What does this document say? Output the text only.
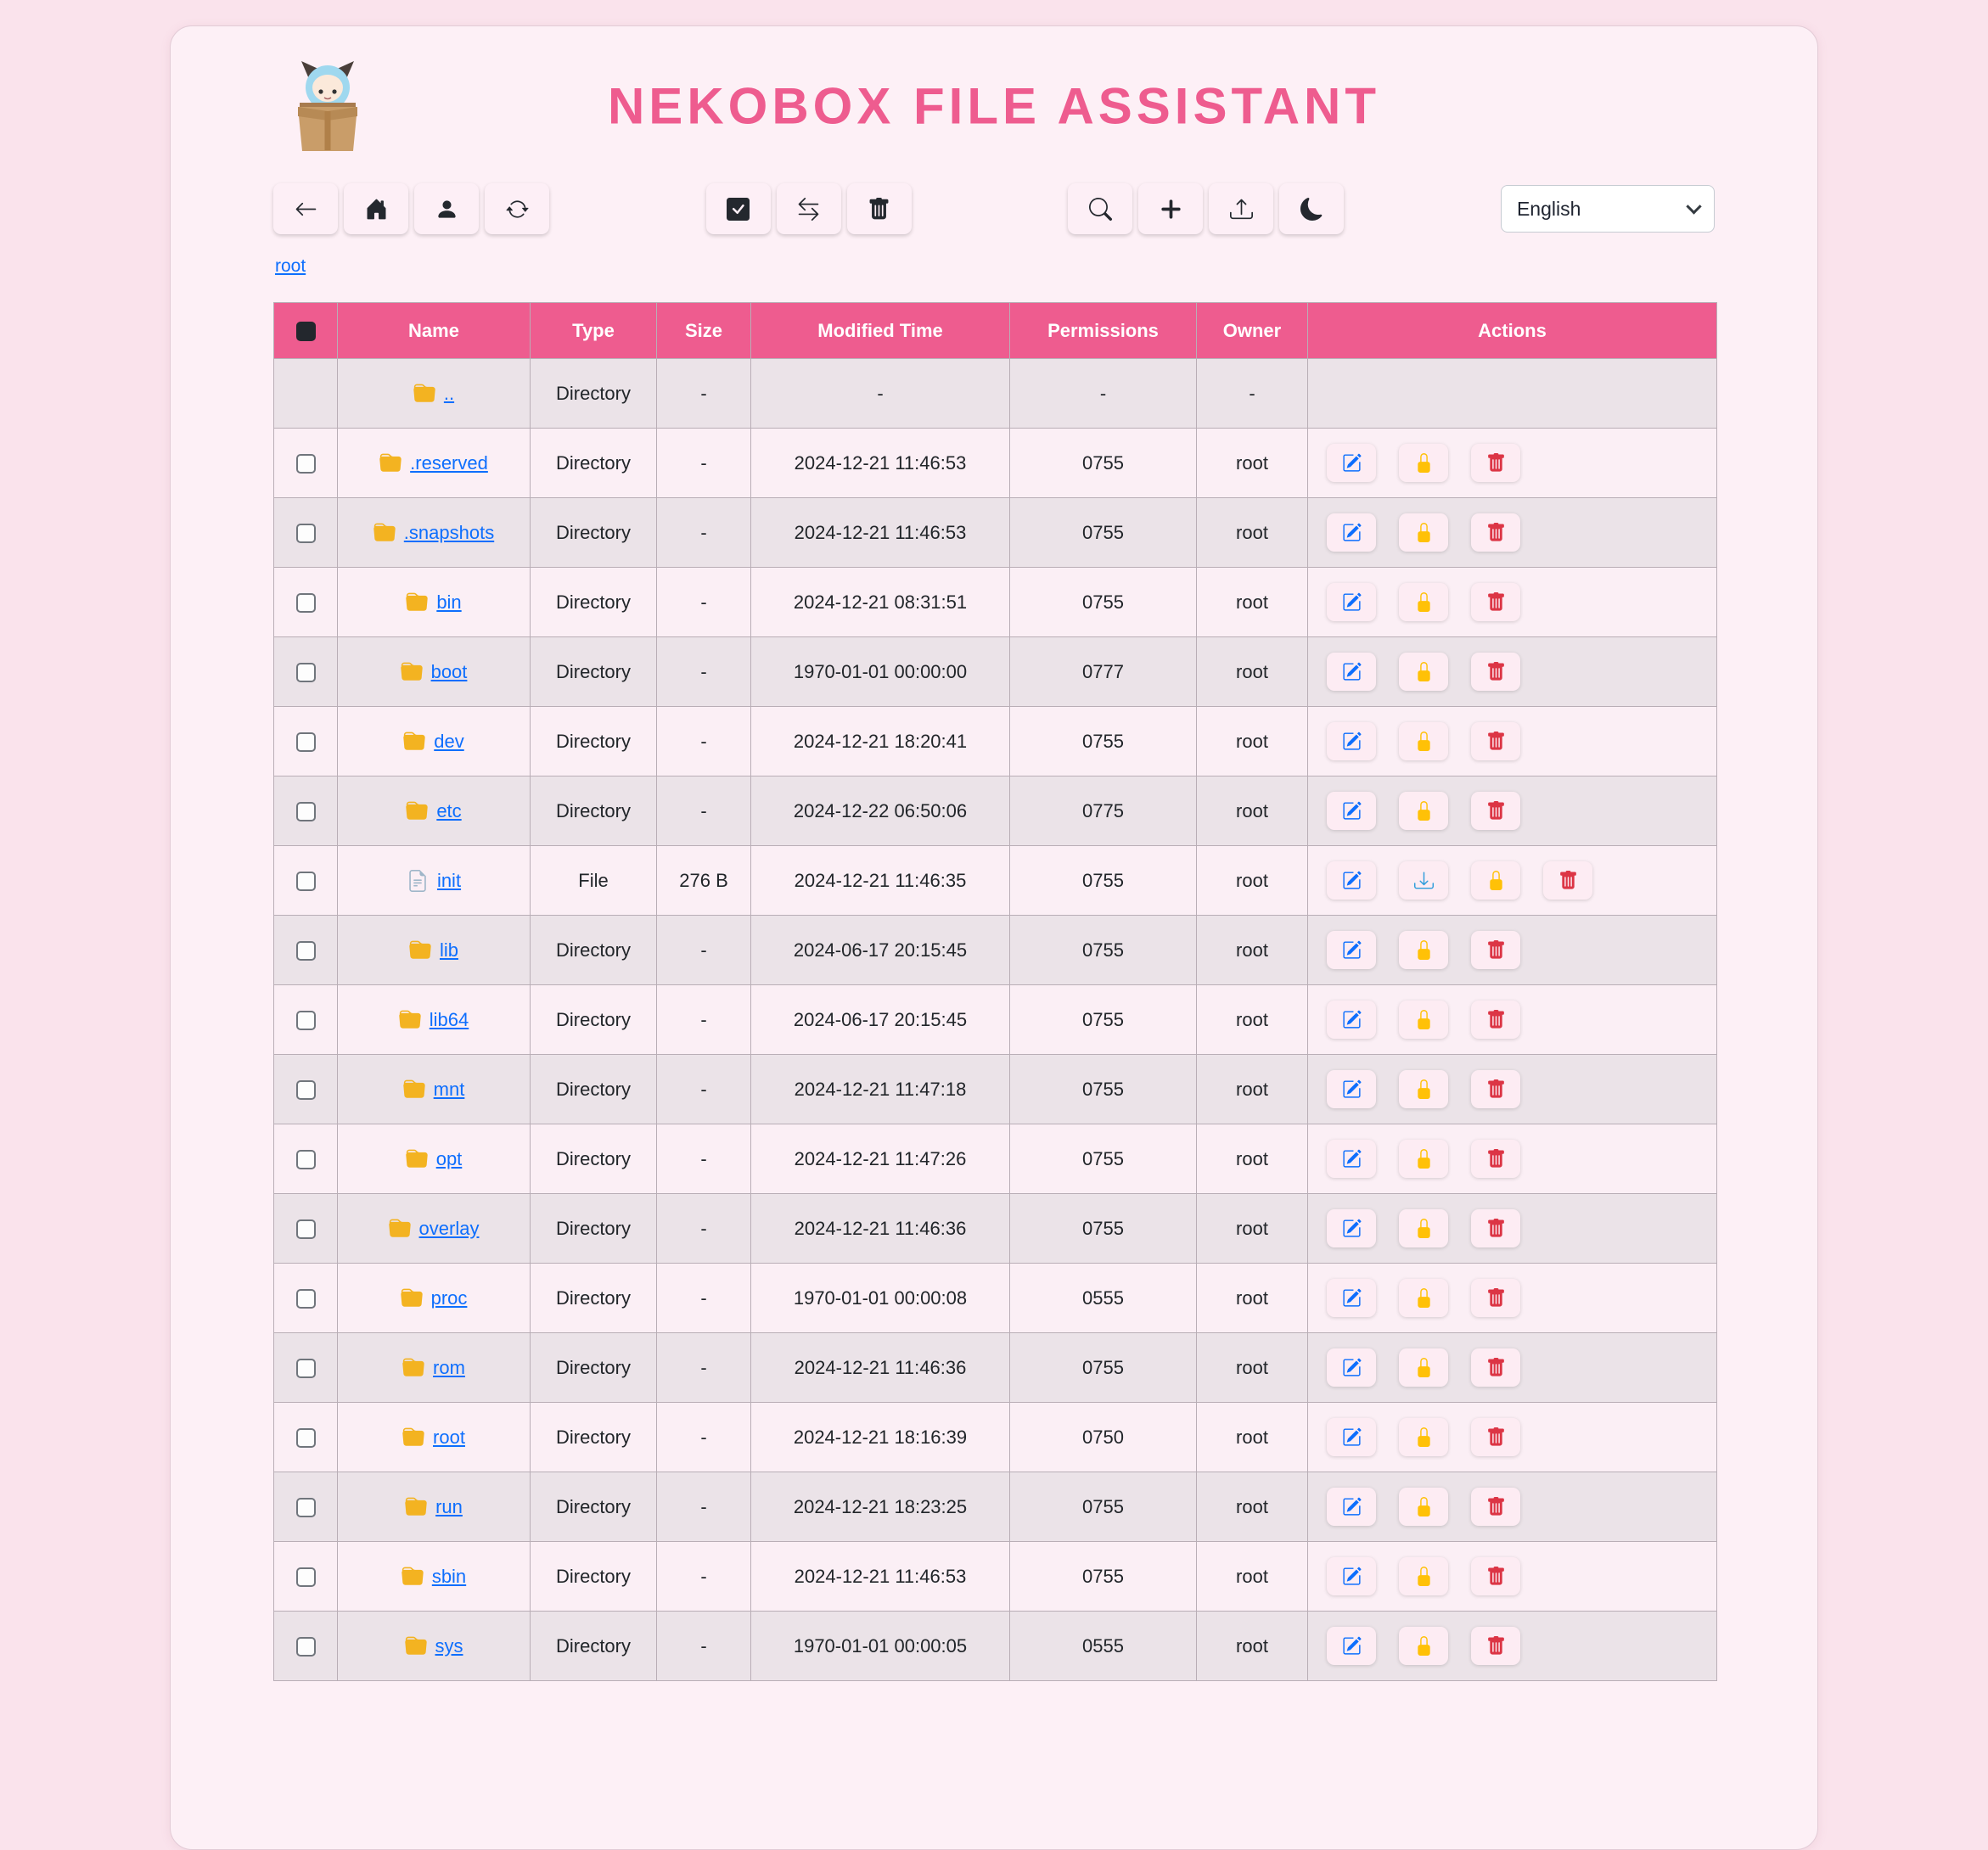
NEKOBOX FILE ASSISTANT
English
root
	Name	Type	Size	Modified Time	Permissions	Owner	Actions

	..	Directory	-	-	-	-	

.reserved	Directory	-	2024-12-21 11:46:53	0755	root	

.snapshots	Directory	-	2024-12-21 11:46:53	0755	root	

bin	Directory	-	2024-12-21 08:31:51	0755	root	

boot	Directory	-	1970-01-01 00:00:00	0777	root	

dev	Directory	-	2024-12-21 18:20:41	0755	root	

etc	Directory	-	2024-12-22 06:50:06	0775	root	

init	File	276 B	2024-12-21 11:46:35	0755	root	

lib	Directory	-	2024-06-17 20:15:45	0755	root	

lib64	Directory	-	2024-06-17 20:15:45	0755	root	

mnt	Directory	-	2024-12-21 11:47:18	0755	root	

opt	Directory	-	2024-12-21 11:47:26	0755	root	

overlay	Directory	-	2024-12-21 11:46:36	0755	root	

proc	Directory	-	1970-01-01 00:00:08	0555	root	

rom	Directory	-	2024-12-21 11:46:36	0755	root	

root	Directory	-	2024-12-21 18:16:39	0750	root	

run	Directory	-	2024-12-21 18:23:25	0755	root	

sbin	Directory	-	2024-12-21 11:46:53	0755	root	

sys	Directory	-	1970-01-01 00:00:05	0555	root	
